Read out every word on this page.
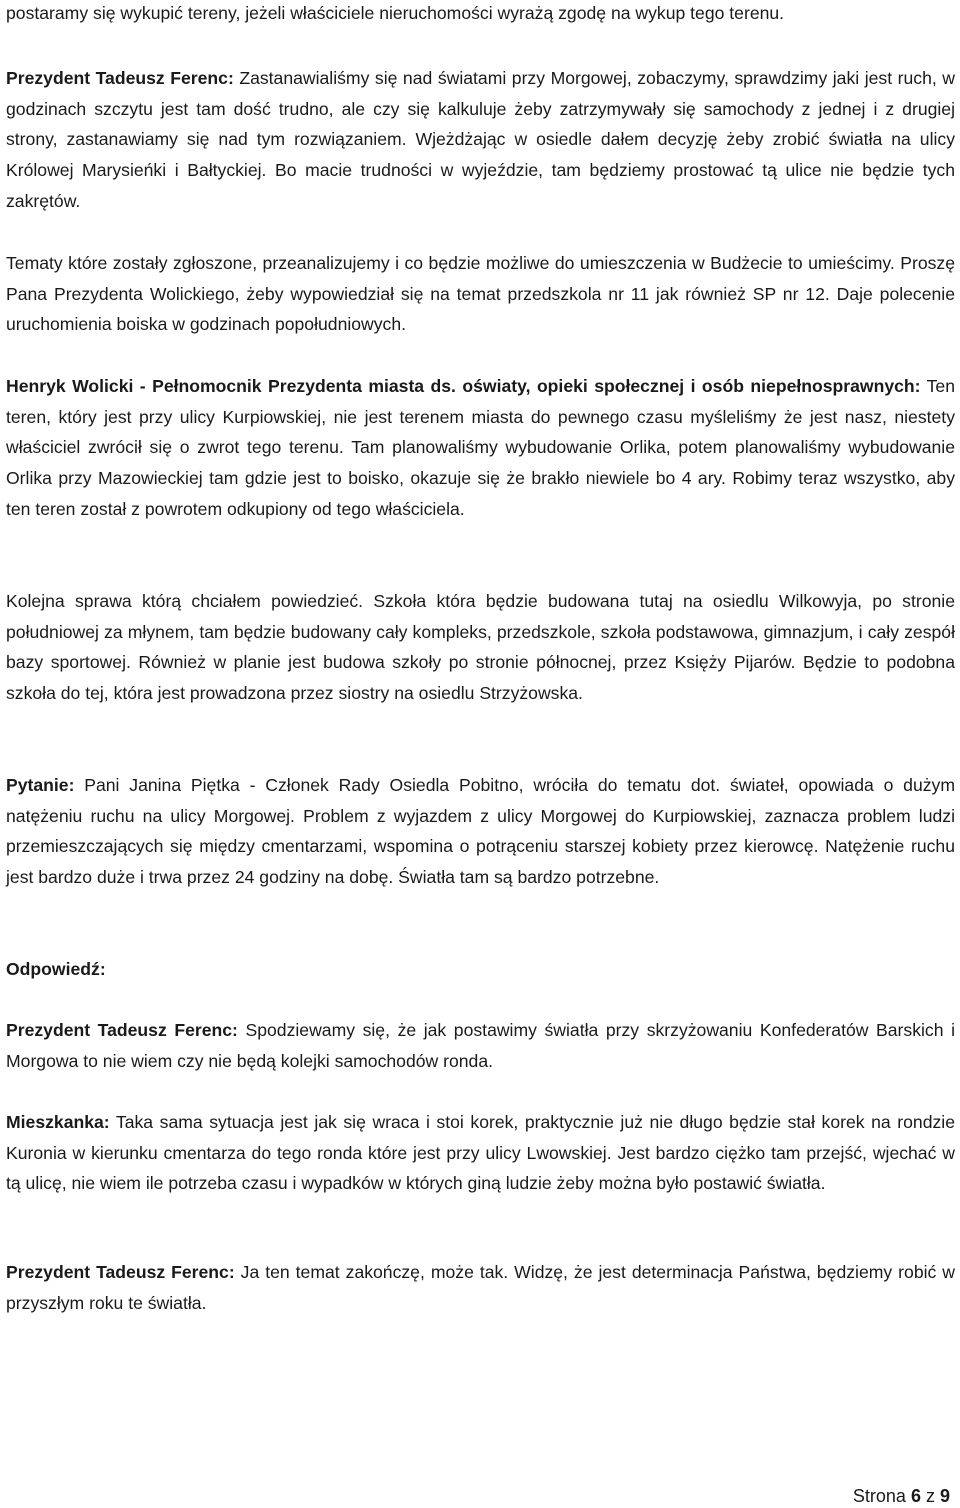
postaramy się wykupić tereny, jeżeli właściciele nieruchomości wyrażą zgodę na wykup tego terenu.

Prezydent Tadeusz Ferenc: Zastanawialiśmy się nad światami przy Morgowej, zobaczymy, sprawdzimy jaki jest ruch, w godzinach szczytu jest tam dość trudno, ale czy się kalkuluje żeby zatrzymywały się samochody z jednej i z drugiej strony, zastanawiamy się nad tym rozwiązaniem. Wjeżdżając w osiedle dałem decyzję żeby zrobić światła na ulicy Królowej Marysieńki i Bałtyckiej. Bo macie trudności w wyjeździe, tam będziemy prostować tą ulice nie będzie tych zakrętów.

Tematy które zostały zgłoszone, przeanalizujemy i co będzie możliwe do umieszczenia w Budżecie to umieścimy. Proszę Pana Prezydenta Wolickiego, żeby wypowiedział się na temat przedszkola nr 11 jak również SP nr 12. Daje polecenie uruchomienia boiska w godzinach popołudniowych.

Henryk Wolicki - Pełnomocnik Prezydenta miasta ds. oświaty, opieki społecznej i osób niepełnosprawnych: Ten teren, który jest przy ulicy Kurpiowskiej, nie jest terenem miasta do pewnego czasu myśleliśmy że jest nasz, niestety właściciel zwrócił się o zwrot tego terenu. Tam planowaliśmy wybudowanie Orlika, potem planowaliśmy wybudowanie Orlika przy Mazowieckiej tam gdzie jest to boisko, okazuje się że brakło niewiele bo 4 ary. Robimy teraz wszystko, aby ten teren został z powrotem odkupiony od tego właściciela.

Kolejna sprawa którą chciałem powiedzieć. Szkoła która będzie budowana tutaj na osiedlu Wilkowyja, po stronie południowej za młynem, tam będzie budowany cały kompleks, przedszkole, szkoła podstawowa, gimnazjum, i cały zespół bazy sportowej. Również w planie jest budowa szkoły po stronie północnej, przez Księży Pijarów. Będzie to podobna szkoła do tej, która jest prowadzona przez siostry na osiedlu Strzyżowska.

Pytanie: Pani Janina Piętka - Członek Rady Osiedla Pobitno, wróciła do tematu dot. świateł, opowiada o dużym natężeniu ruchu na ulicy Morgowej. Problem z wyjazdem z ulicy Morgowej do Kurpiowskiej, zaznacza problem ludzi przemieszczających się między cmentarzami, wspomina o potrąceniu starszej kobiety przez kierowcę. Natężenie ruchu jest bardzo duże i trwa przez 24 godziny na dobę. Światła tam są bardzo potrzebne.

Odpowiedź:

Prezydent Tadeusz Ferenc: Spodziewamy się, że jak postawimy światła przy skrzyżowaniu Konfederatów Barskich i Morgowa to nie wiem czy nie będą kolejki samochodów ronda.

Mieszkanka: Taka sama sytuacja jest jak się wraca i stoi korek, praktycznie już nie długo będzie stał korek na rondzie Kuronia w kierunku cmentarza do tego ronda które jest przy ulicy Lwowskiej. Jest bardzo ciężko tam przejść, wjechać w tą ulicę, nie wiem ile potrzeba czasu i wypadków w których giną ludzie żeby można było postawić światła.

Prezydent Tadeusz Ferenc: Ja ten temat zakończę, może tak. Widzę, że jest determinacja Państwa, będziemy robić w przyszłym roku te światła.

Strona 6 z 9
